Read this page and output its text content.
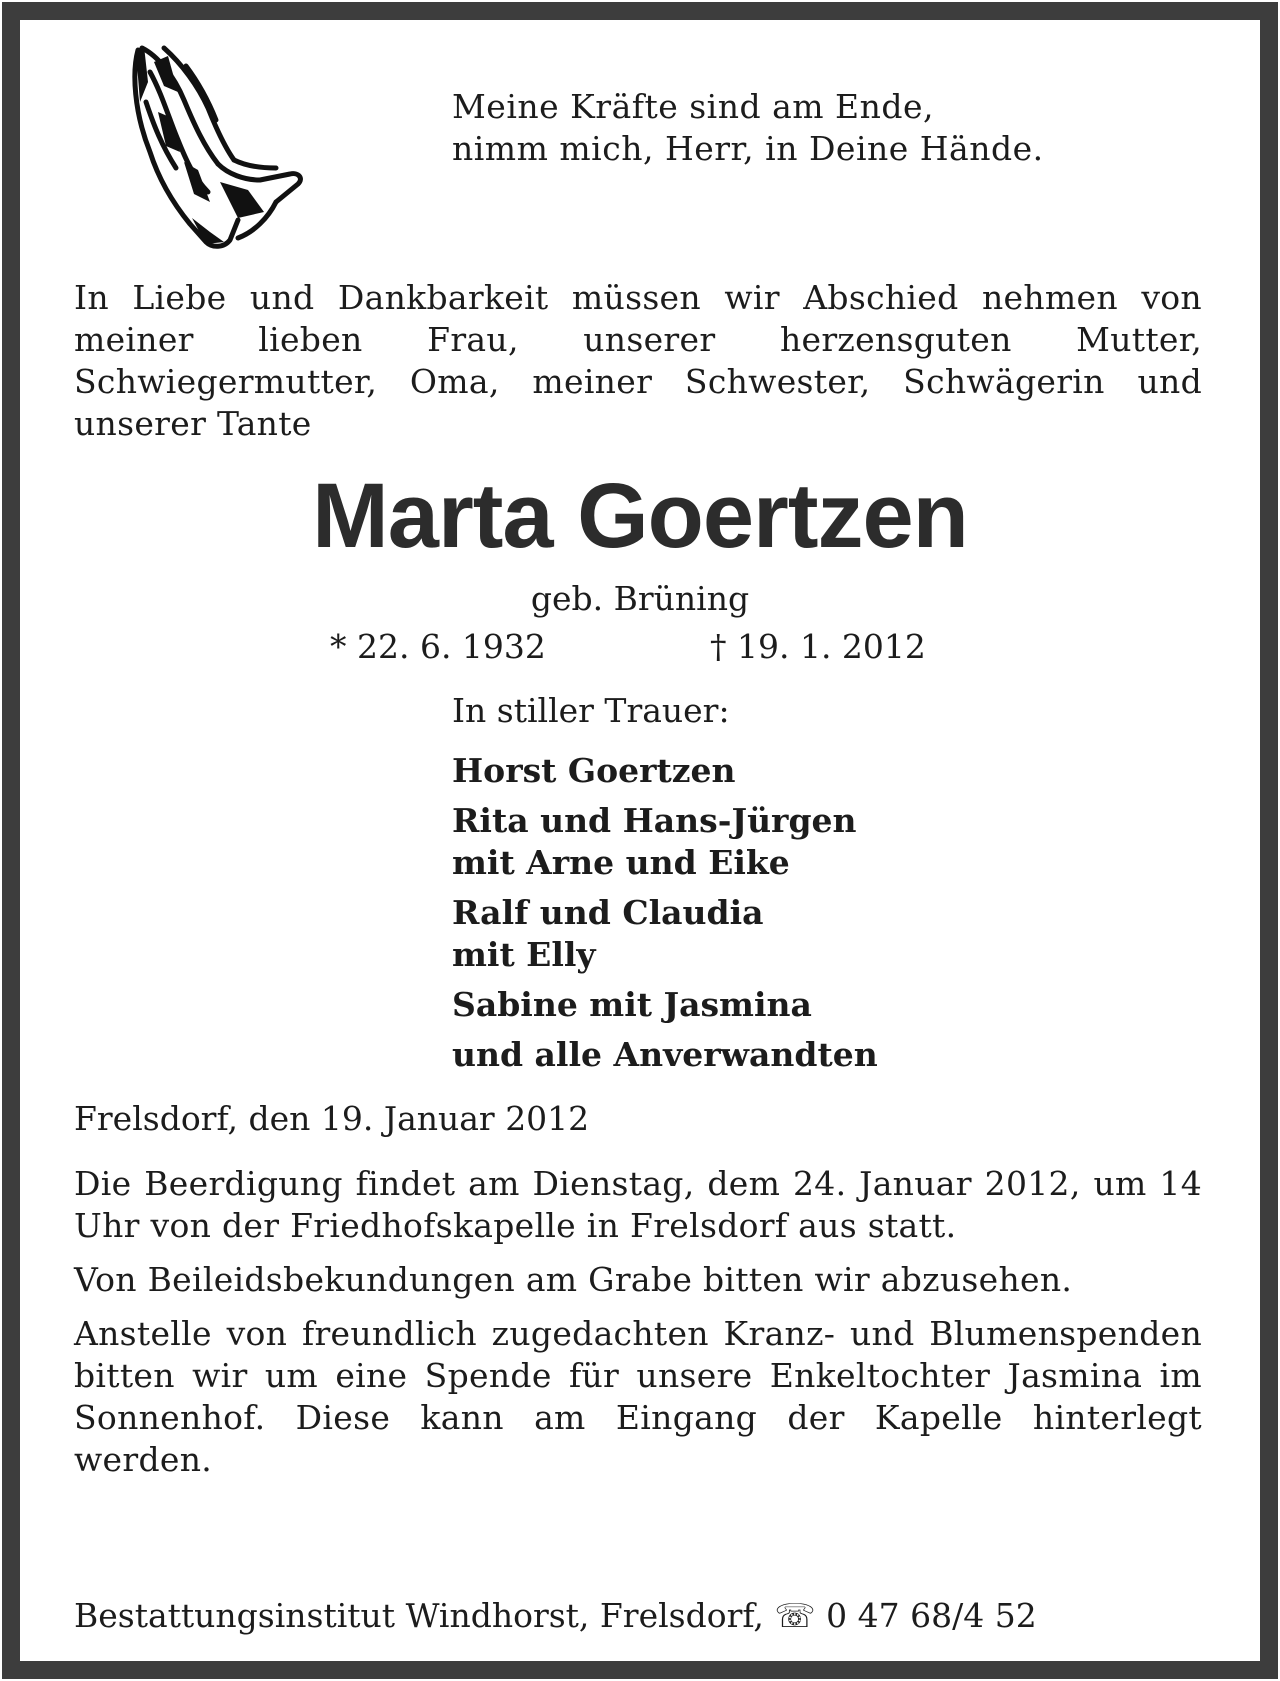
Meine Kräfte sind am Ende,
nimm mich, Herr, in Deine Hände.
In Liebe und Dankbarkeit müssen wir Abschied nehmen von meiner lieben Frau, unserer herzensguten Mutter, Schwiegermutter, Oma, meiner Schwester, Schwägerin und unserer Tante
Marta Goertzen
geb. Brüning
* 22. 6. 1932	† 19. 1. 2012
In stiller Trauer:
Horst Goertzen
Rita und Hans-Jürgen
mit Arne und Eike
Ralf und Claudia
mit Elly
Sabine mit Jasmina
und alle Anverwandten
Frelsdorf, den 19. Januar 2012

Die Beerdigung findet am Dienstag, dem 24. Januar 2012, um 14 Uhr von der Friedhofskapelle in Frelsdorf aus statt.

Von Beileidsbekundungen am Grabe bitten wir abzusehen.

Anstelle von freundlich zugedachten Kranz- und Blumenspenden bitten wir um eine Spende für unsere Enkeltochter Jasmina im Sonnenhof. Diese kann am Eingang der Kapelle hinterlegt werden.

Bestattungsinstitut Windhorst, Frelsdorf, ☏ 0 47 68/4 52
